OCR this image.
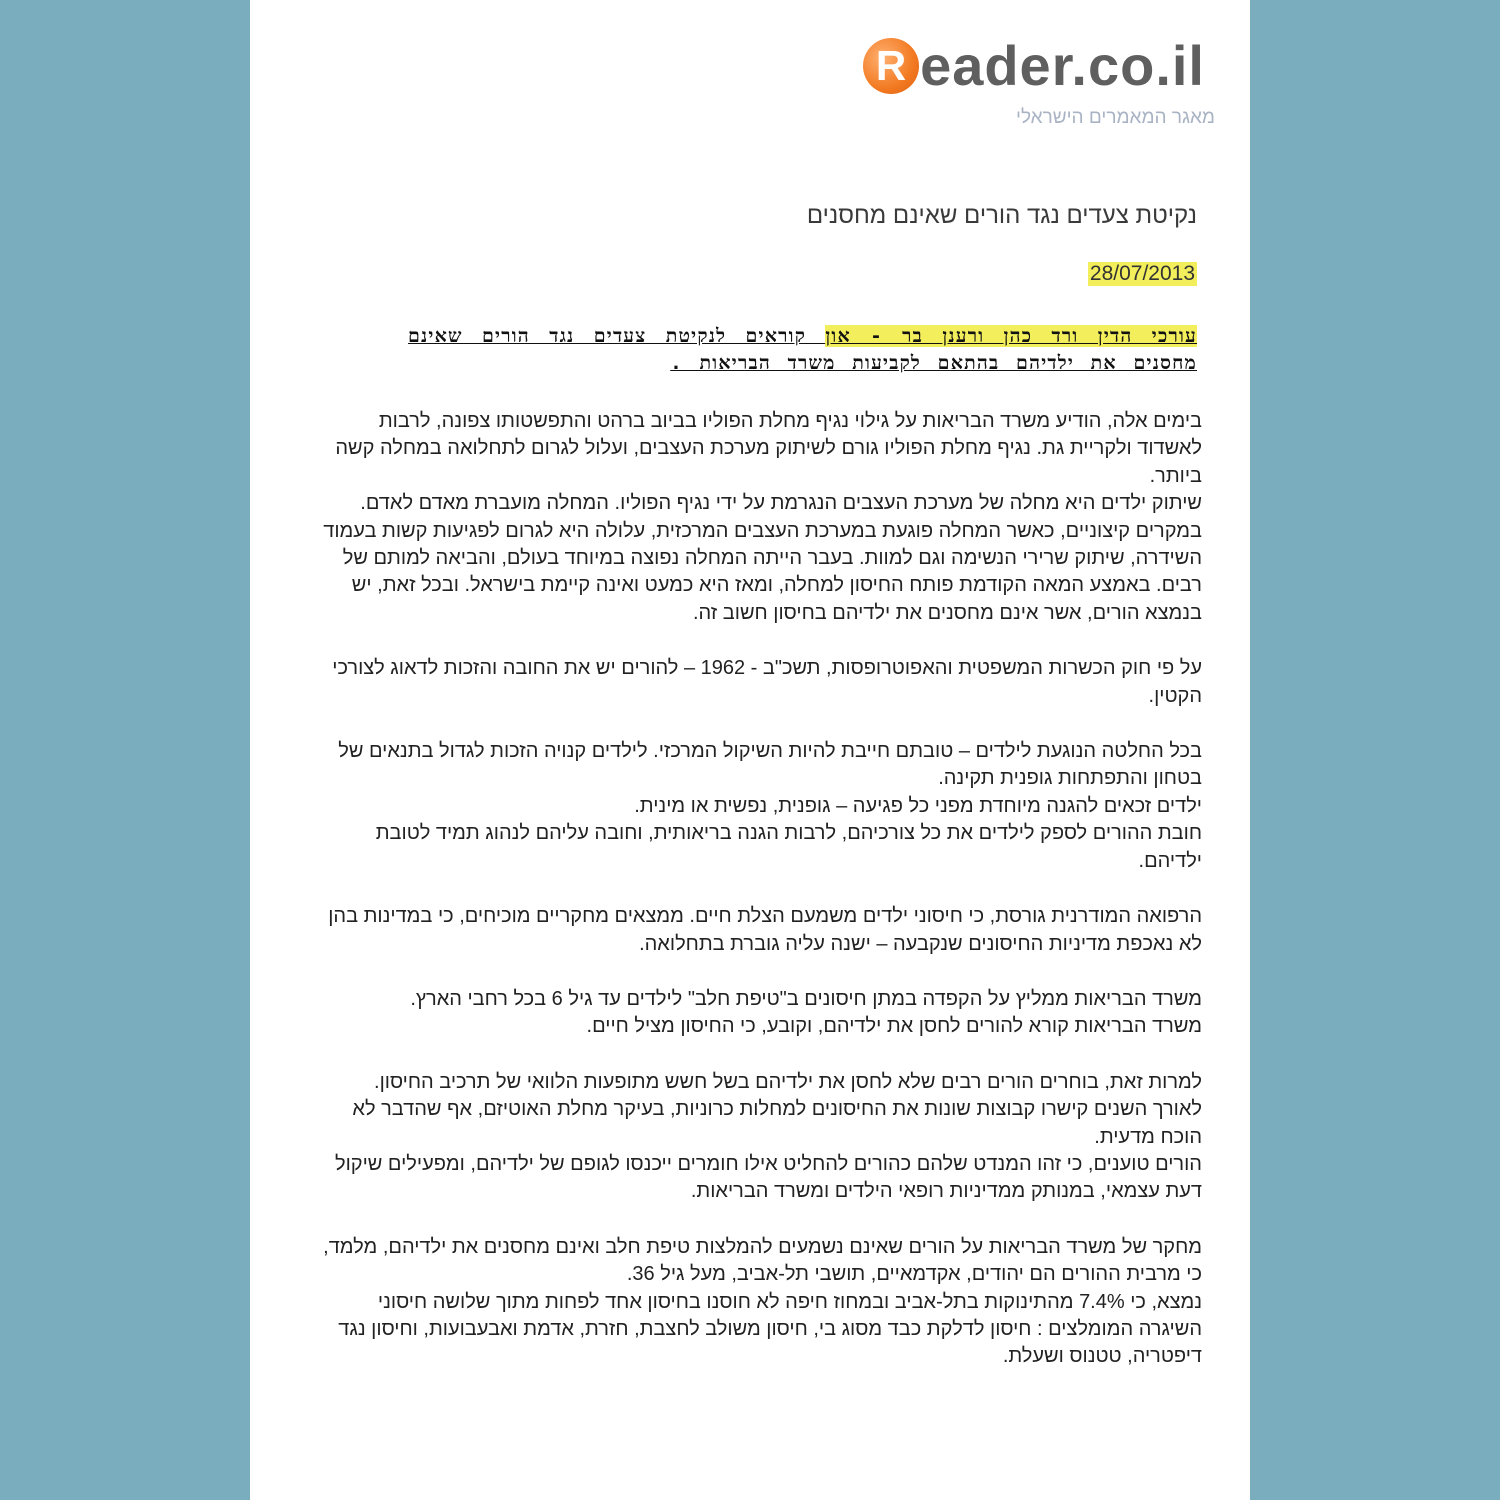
R eader.co.il
מאגר המאמרים הישראלי
נקיטת צעדים נגד הורים שאינם מחסנים
28/07/2013
עורכי הדין ורד כהן ורענן בר - און קוראים לנקיטת צעדים נגד הורים שאינם מחסנים את ילדיהם בהתאם לקביעות משרד הבריאות .

בימים אלה, הודיע משרד הבריאות על גילוי נגיף מחלת הפוליו בביוב ברהט והתפשטותו צפונה, לרבות לאשדוד ולקריית גת. נגיף מחלת הפוליו גורם לשיתוק מערכת העצבים, ועלול לגרום לתחלואה במחלה קשה ביותר.
שיתוק ילדים היא מחלה של מערכת העצבים הנגרמת על ידי נגיף הפוליו. המחלה מועברת מאדם לאדם. במקרים קיצוניים, כאשר המחלה פוגעת במערכת העצבים המרכזית, עלולה היא לגרום לפגיעות קשות בעמוד השידרה, שיתוק שרירי הנשימה וגם למוות. בעבר הייתה המחלה נפוצה במיוחד בעולם, והביאה למותם של רבים. באמצע המאה הקודמת פותח החיסון למחלה, ומאז היא כמעט ואינה קיימת בישראל. ובכל זאת, יש בנמצא הורים, אשר אינם מחסנים את ילדיהם בחיסון חשוב זה.

על פי חוק הכשרות המשפטית והאפוטרופסות, תשכ"ב - 1962 – להורים יש את החובה והזכות לדאוג לצורכי הקטין.

בכל החלטה הנוגעת לילדים – טובתם חייבת להיות השיקול המרכזי. לילדים קנויה הזכות לגדול בתנאים של בטחון והתפתחות גופנית תקינה.
ילדים זכאים להגנה מיוחדת מפני כל פגיעה – גופנית, נפשית או מינית.
חובת ההורים לספק לילדים את כל צורכיהם, לרבות הגנה בריאותית, וחובה עליהם לנהוג תמיד לטובת ילדיהם.

הרפואה המודרנית גורסת, כי חיסוני ילדים משמעם הצלת חיים. ממצאים מחקריים מוכיחים, כי במדינות בהן לא נאכפת מדיניות החיסונים שנקבעה – ישנה עליה גוברת בתחלואה.

משרד הבריאות ממליץ על הקפדה במתן חיסונים ב"טיפת חלב" לילדים עד גיל 6 בכל רחבי הארץ.
משרד הבריאות קורא להורים לחסן את ילדיהם, וקובע, כי החיסון מציל חיים.

למרות זאת, בוחרים הורים רבים שלא לחסן את ילדיהם בשל חשש מתופעות הלוואי של תרכיב החיסון. לאורך השנים קישרו קבוצות שונות את החיסונים למחלות כרוניות, בעיקר מחלת האוטיזם, אף שהדבר לא הוכח מדעית.
הורים טוענים, כי זהו המנדט שלהם כהורים להחליט אילו חומרים ייכנסו לגופם של ילדיהם, ומפעילים שיקול דעת עצמאי, במנותק ממדיניות רופאי הילדים ומשרד הבריאות.

מחקר של משרד הבריאות על הורים שאינם נשמעים להמלצות טיפת חלב ואינם מחסנים את ילדיהם, מלמד, כי מרבית ההורים הם יהודים, אקדמאיים, תושבי תל-אביב, מעל גיל 36.
נמצא, כי 7.4% מהתינוקות בתל-אביב ובמחוז חיפה לא חוסנו בחיסון אחד לפחות מתוך שלושה חיסוני השיגרה המומלצים : חיסון לדלקת כבד מסוג בי, חיסון משולב לחצבת, חזרת, אדמת ואבעבועות, וחיסון נגד דיפטריה, טטנוס ושעלת.
